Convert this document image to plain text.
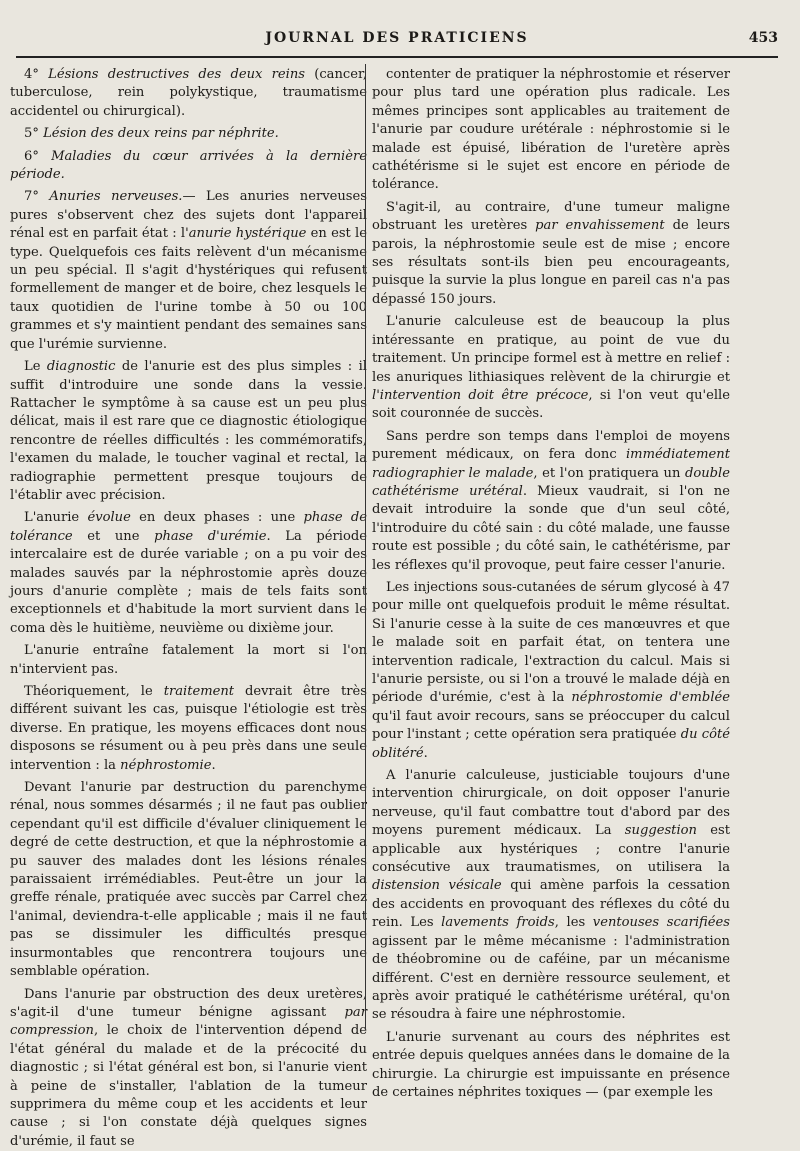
JOURNAL DES PRATICIENS	453

4° Lésions destructives des deux reins (cancer, tuberculose, rein polykystique, traumatisme accidentel ou chirurgical).

5° Lésion des deux reins par néphrite.

6° Maladies du cœur arrivées à la dernière période.

7° Anuries nerveuses.— Les anuries nerveuses pures s'observent chez des sujets dont l'appareil rénal est en parfait état : l'anurie hystérique en est le type. Quelquefois ces faits relèvent d'un mécanisme un peu spécial. Il s'agit d'hystériques qui refusent formellement de manger et de boire, chez lesquels le taux quotidien de l'urine tombe à 50 ou 100 grammes et s'y maintient pendant des semaines sans que l'urémie survienne.

Le diagnostic de l'anurie est des plus simples : il suffit d'introduire une sonde dans la vessie. Rattacher le symptôme à sa cause est un peu plus délicat, mais il est rare que ce diagnostic étiologique rencontre de réelles difficultés : les commémoratifs, l'examen du malade, le toucher vaginal et rectal, la radiographie permettent presque toujours de l'établir avec précision.

L'anurie évolue en deux phases : une phase de tolérance et une phase d'urémie. La période intercalaire est de durée variable ; on a pu voir des malades sauvés par la néphrostomie après douze jours d'anurie complète ; mais de tels faits sont exceptionnels et d'habitude la mort survient dans le coma dès le huitième, neuvième ou dixième jour.

L'anurie entraîne fatalement la mort si l'on n'intervient pas.

Théoriquement, le traitement devrait être très différent suivant les cas, puisque l'étiologie est très diverse. En pratique, les moyens efficaces dont nous disposons se résument ou à peu près dans une seule intervention : la néphrostomie.

Devant l'anurie par destruction du parenchyme rénal, nous sommes désarmés ; il ne faut pas oublier cependant qu'il est difficile d'évaluer cliniquement le degré de cette destruction, et que la néphrostomie a pu sauver des malades dont les lésions rénales paraissaient irrémédiables. Peut-être un jour la greffe rénale, pratiquée avec succès par Carrel chez l'animal, deviendra-t-elle applicable ; mais il ne faut pas se dissimuler les difficultés presque insurmontables que rencontrera toujours une semblable opération.

Dans l'anurie par obstruction des deux uretères, s'agit-il d'une tumeur bénigne agissant par compression, le choix de l'intervention dépend de l'état général du malade et de la précocité du diagnostic ; si l'état général est bon, si l'anurie vient à peine de s'installer, l'ablation de la tumeur supprimera du même coup et les accidents et leur cause ; si l'on constate déjà quelques signes d'urémie, il faut se

contenter de pratiquer la néphrostomie et réserver pour plus tard une opération plus radicale. Les mêmes principes sont applicables au traitement de l'anurie par coudure urétérale : néphrostomie si le malade est épuisé, libération de l'uretère après cathétérisme si le sujet est encore en période de tolérance.

S'agit-il, au contraire, d'une tumeur maligne obstruant les uretères par envahissement de leurs parois, la néphrostomie seule est de mise ; encore ses résultats sont-ils bien peu encourageants, puisque la survie la plus longue en pareil cas n'a pas dépassé 150 jours.

L'anurie calculeuse est de beaucoup la plus intéressante en pratique, au point de vue du traitement. Un principe formel est à mettre en relief : les anuriques lithiasiques relèvent de la chirurgie et l'intervention doit être précoce, si l'on veut qu'elle soit couronnée de succès.

Sans perdre son temps dans l'emploi de moyens purement médicaux, on fera donc immédiatement radiographier le malade, et l'on pratiquera un double cathétérisme urétéral. Mieux vaudrait, si l'on ne devait introduire la sonde que d'un seul côté, l'introduire du côté sain : du côté malade, une fausse route est possible ; du côté sain, le cathétérisme, par les réflexes qu'il provoque, peut faire cesser l'anurie.

Les injections sous-cutanées de sérum glycosé à 47 pour mille ont quelquefois produit le même résultat. Si l'anurie cesse à la suite de ces manœuvres et que le malade soit en parfait état, on tentera une intervention radicale, l'extraction du calcul. Mais si l'anurie persiste, ou si l'on a trouvé le malade déjà en période d'urémie, c'est à la néphrostomie d'emblée qu'il faut avoir recours, sans se préoccuper du calcul pour l'instant ; cette opération sera pratiquée du côté oblitéré.

A l'anurie calculeuse, justiciable toujours d'une intervention chirurgicale, on doit opposer l'anurie nerveuse, qu'il faut combattre tout d'abord par des moyens purement médicaux. La suggestion est applicable aux hystériques ; contre l'anurie consécutive aux traumatismes, on utilisera la distension vésicale qui amène parfois la cessation des accidents en provoquant des réflexes du côté du rein. Les lavements froids, les ventouses scarifiées agissent par le même mécanisme : l'administration de théobromine ou de caféine, par un mécanisme différent. C'est en dernière ressource seulement, et après avoir pratiqué le cathétérisme urétéral, qu'on se résoudra à faire une néphrostomie.

L'anurie survenant au cours des néphrites est entrée depuis quelques années dans le domaine de la chirurgie. La chirurgie est impuissante en présence de certaines néphrites toxiques — (par exemple les
